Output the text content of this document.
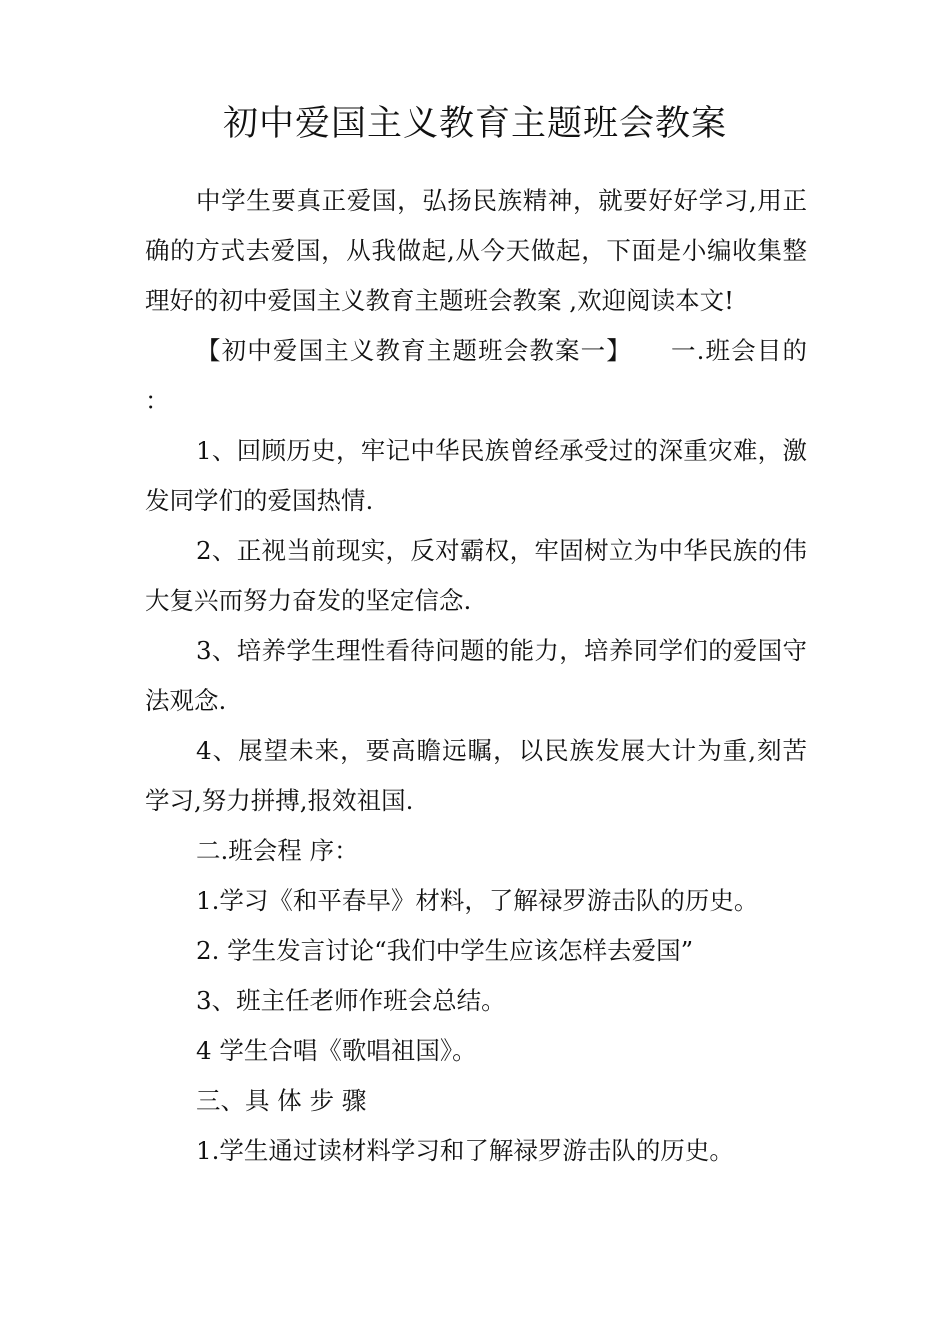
初中爱国主义教育主题班会教案

中学生要真正爱国，弘扬民族精神，就要好好学习,用正确的方式去爱国，从我做起,从今天做起，下面是小编收集整理好的初中爱国主义教育主题班会教案 ,欢迎阅读本文!

【初中爱国主义教育主题班会教案一】　　一.班会目的 ：

1、回顾历史，牢记中华民族曾经承受过的深重灾难，激发同学们的爱国热情.

2、正视当前现实，反对霸权，牢固树立为中华民族的伟大复兴而努力奋发的坚定信念.

3、培养学生理性看待问题的能力，培养同学们的爱国守法观念.

4、展望未来，要高瞻远瞩，以民族发展大计为重,刻苦学习,努力拼搏,报效祖国.

二.班会程 序：

1.学习《和平春早》材料，了解禄罗游击队的历史。

2. 学生发言讨论“我们中学生应该怎样去爱国”

3、班主任老师作班会总结。

4 学生合唱《歌唱祖国》。

三、具 体 步 骤

1.学生通过读材料学习和了解禄罗游击队的历史。
